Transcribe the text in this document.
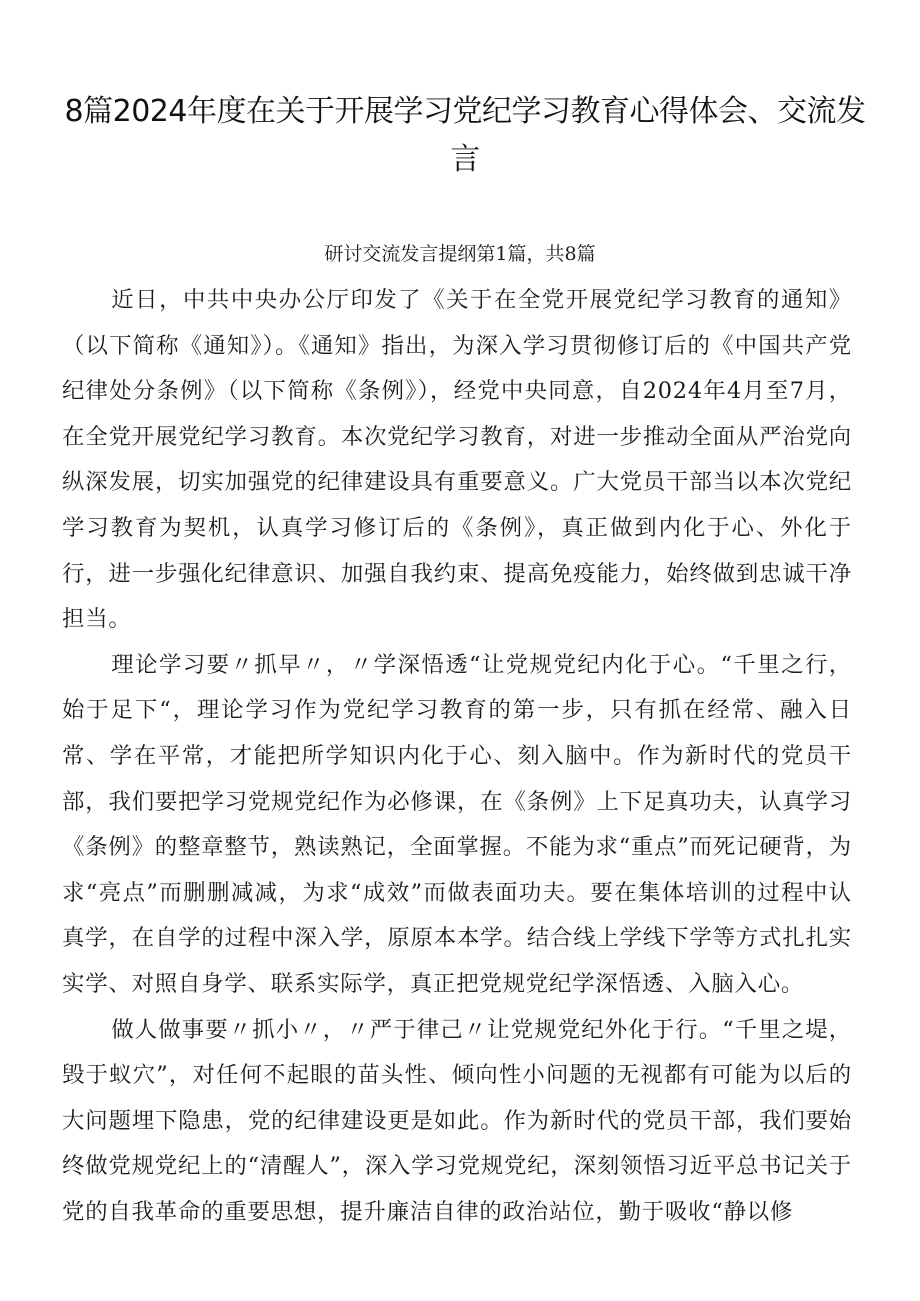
8篇2024年度在关于开展学习党纪学习教育心得体会、交流发言

研讨交流发言提纲第1篇，共8篇

近日，中共中央办公厅印发了《关于在全党开展党纪学习教育的通知》（以下简称《通知》）。《通知》指出，为深入学习贯彻修订后的《中国共产党纪律处分条例》（以下简称《条例》），经党中央同意，自2024年4月至7月，在全党开展党纪学习教育。本次党纪学习教育，对进一步推动全面从严治党向纵深发展，切实加强党的纪律建设具有重要意义。广大党员干部当以本次党纪学习教育为契机，认真学习修订后的《条例》，真正做到内化于心、外化于行，进一步强化纪律意识、加强自我约束、提高免疫能力，始终做到忠诚干净担当。

理论学习要〃抓早〃，〃学深悟透“让党规党纪内化于心。“千里之行，始于足下“，理论学习作为党纪学习教育的第一步，只有抓在经常、融入日常、学在平常，才能把所学知识内化于心、刻入脑中。作为新时代的党员干部，我们要把学习党规党纪作为必修课，在《条例》上下足真功夫，认真学习《条例》的整章整节，熟读熟记，全面掌握。不能为求“重点”而死记硬背，为求“亮点”而删删减减，为求“成效”而做表面功夫。要在集体培训的过程中认真学，在自学的过程中深入学，原原本本学。结合线上学线下学等方式扎扎实实学、对照自身学、联系实际学，真正把党规党纪学深悟透、入脑入心。

做人做事要〃抓小〃，〃严于律己〃让党规党纪外化于行。“千里之堤，毁于蚁穴”，对任何不起眼的苗头性、倾向性小问题的无视都有可能为以后的大问题埋下隐患，党的纪律建设更是如此。作为新时代的党员干部，我们要始终做党规党纪上的“清醒人”，深入学习党规党纪，深刻领悟习近平总书记关于党的自我革命的重要思想，提升廉洁自律的政治站位，勤于吸收“静以修
